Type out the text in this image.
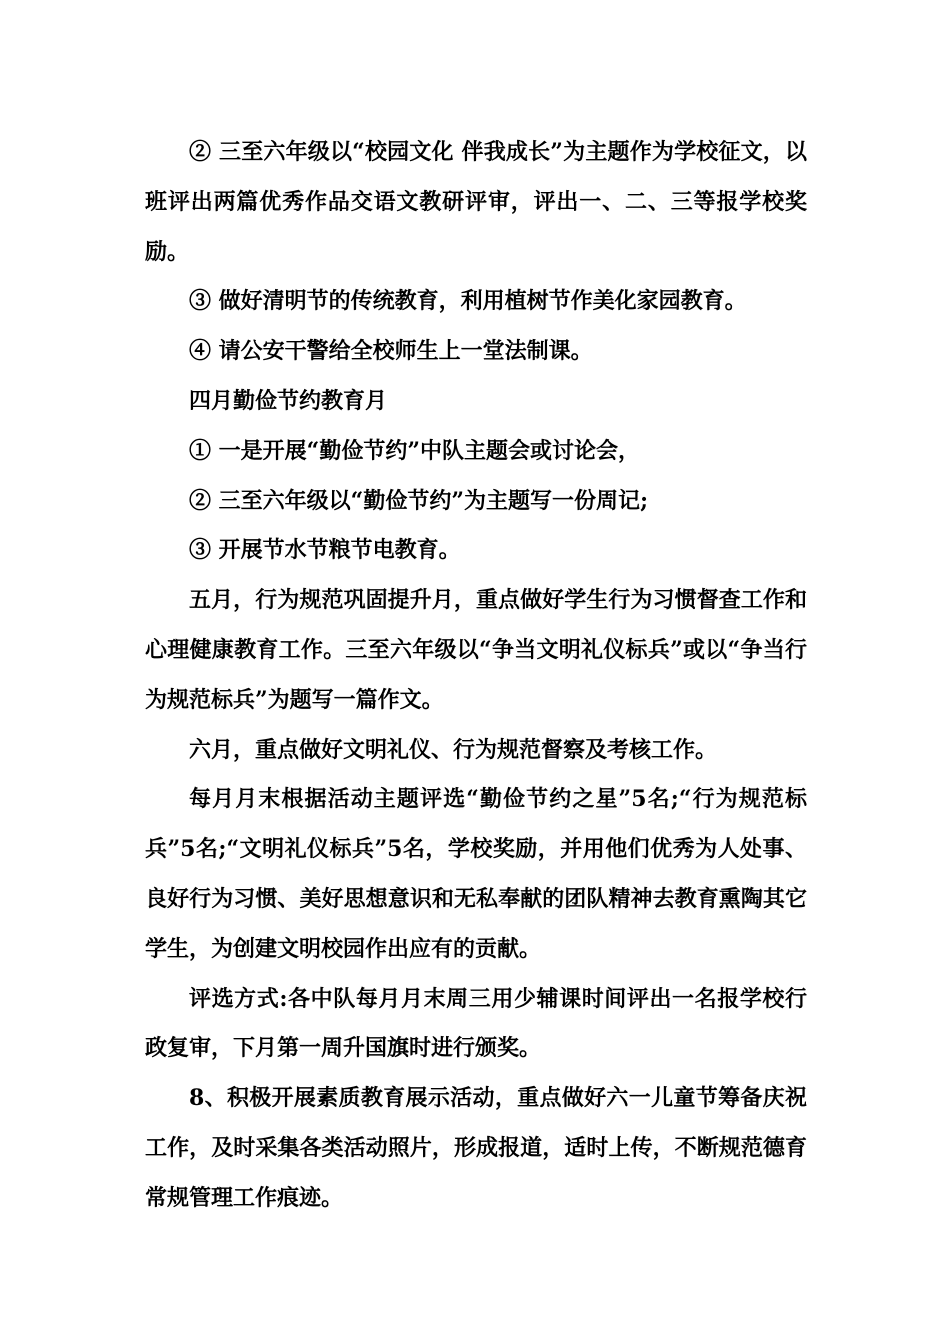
② 三至六年级以“校园文化 伴我成长”为主题作为学校征文，以班评出两篇优秀作品交语文教研评审，评出一、二、三等报学校奖励。

③ 做好清明节的传统教育，利用植树节作美化家园教育。

④ 请公安干警给全校师生上一堂法制课。

四月勤俭节约教育月

① 一是开展“勤俭节约”中队主题会或讨论会，

② 三至六年级以“勤俭节约”为主题写一份周记;

③ 开展节水节粮节电教育。

五月，行为规范巩固提升月，重点做好学生行为习惯督查工作和心理健康教育工作。三至六年级以“争当文明礼仪标兵”或以“争当行为规范标兵”为题写一篇作文。

六月，重点做好文明礼仪、行为规范督察及考核工作。

每月月末根据活动主题评选“勤俭节约之星”5名;“行为规范标兵”5名;“文明礼仪标兵”5名，学校奖励，并用他们优秀为人处事、良好行为习惯、美好思想意识和无私奉献的团队精神去教育熏陶其它学生，为创建文明校园作出应有的贡献。

评选方式:各中队每月月末周三用少辅课时间评出一名报学校行政复审，下月第一周升国旗时进行颁奖。

8、积极开展素质教育展示活动，重点做好六一儿童节筹备庆祝工作，及时采集各类活动照片，形成报道，适时上传，不断规范德育常规管理工作痕迹。
